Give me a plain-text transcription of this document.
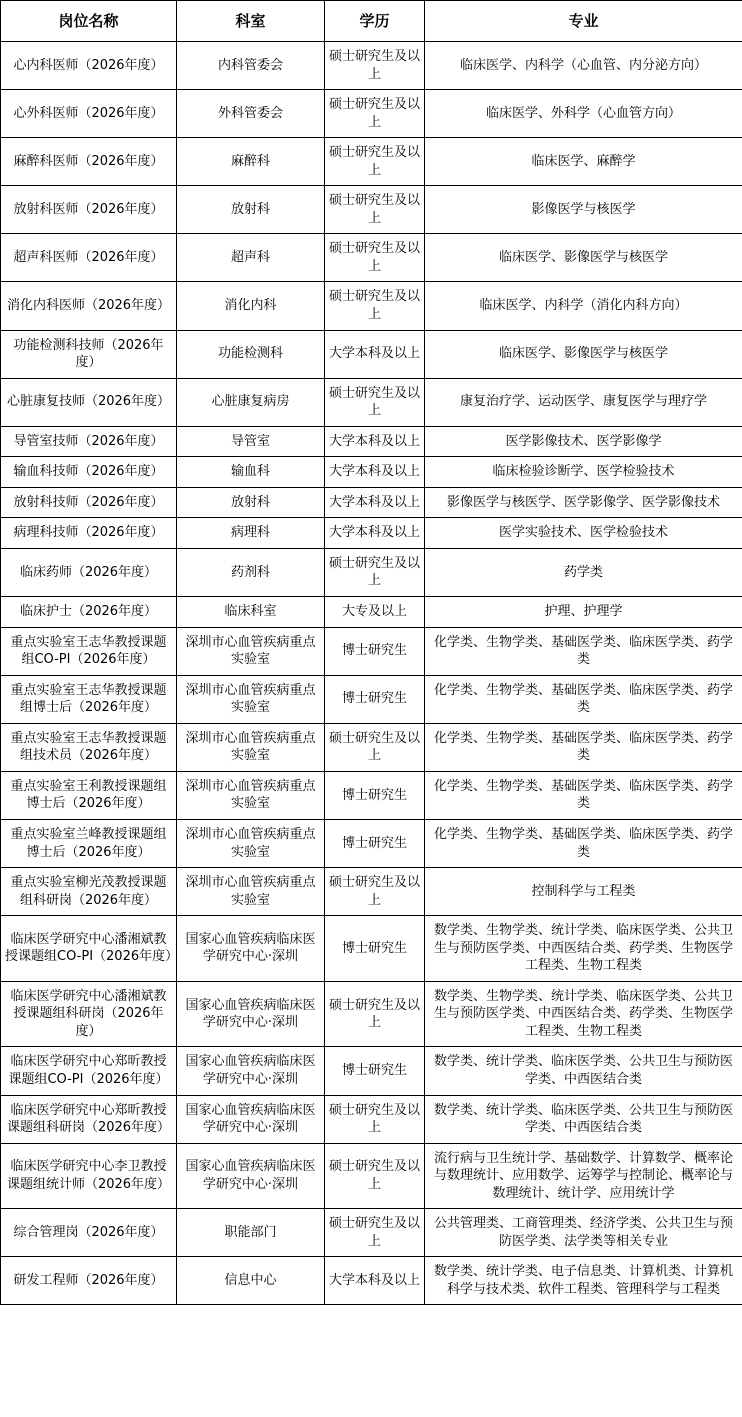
岗位名称	科室	学历	专业
心内科医师（2026年度）	内科管委会	硕士研究生及以上	临床医学、内科学（心血管、内分泌方向）
心外科医师（2026年度）	外科管委会	硕士研究生及以上	临床医学、外科学（心血管方向）
麻醉科医师（2026年度）	麻醉科	硕士研究生及以上	临床医学、麻醉学
放射科医师（2026年度）	放射科	硕士研究生及以上	影像医学与核医学
超声科医师（2026年度）	超声科	硕士研究生及以上	临床医学、影像医学与核医学
消化内科医师（2026年度）	消化内科	硕士研究生及以上	临床医学、内科学（消化内科方向）
功能检测科技师（2026年度）	功能检测科	大学本科及以上	临床医学、影像医学与核医学
心脏康复技师（2026年度）	心脏康复病房	硕士研究生及以上	康复治疗学、运动医学、康复医学与理疗学
导管室技师（2026年度）	导管室	大学本科及以上	医学影像技术、医学影像学
输血科技师（2026年度）	输血科	大学本科及以上	临床检验诊断学、医学检验技术
放射科技师（2026年度）	放射科	大学本科及以上	影像医学与核医学、医学影像学、医学影像技术
病理科技师（2026年度）	病理科	大学本科及以上	医学实验技术、医学检验技术
临床药师（2026年度）	药剂科	硕士研究生及以上	药学类
临床护士（2026年度）	临床科室	大专及以上	护理、护理学
重点实验室王志华教授课题组CO-PI（2026年度）	深圳市心血管疾病重点实验室	博士研究生	化学类、生物学类、基础医学类、临床医学类、药学类
重点实验室王志华教授课题组博士后（2026年度）	深圳市心血管疾病重点实验室	博士研究生	化学类、生物学类、基础医学类、临床医学类、药学类
重点实验室王志华教授课题组技术员（2026年度）	深圳市心血管疾病重点实验室	硕士研究生及以上	化学类、生物学类、基础医学类、临床医学类、药学类
重点实验室王利教授课题组博士后（2026年度）	深圳市心血管疾病重点实验室	博士研究生	化学类、生物学类、基础医学类、临床医学类、药学类
重点实验室兰峰教授课题组博士后（2026年度）	深圳市心血管疾病重点实验室	博士研究生	化学类、生物学类、基础医学类、临床医学类、药学类
重点实验室柳光茂教授课题组科研岗（2026年度）	深圳市心血管疾病重点实验室	硕士研究生及以上	控制科学与工程类
临床医学研究中心潘湘斌教授课题组CO-PI（2026年度）	国家心血管疾病临床医学研究中心·深圳	博士研究生	数学类、生物学类、统计学类、临床医学类、公共卫生与预防医学类、中西医结合类、药学类、生物医学工程类、生物工程类
临床医学研究中心潘湘斌教授课题组科研岗（2026年度）	国家心血管疾病临床医学研究中心·深圳	硕士研究生及以上	数学类、生物学类、统计学类、临床医学类、公共卫生与预防医学类、中西医结合类、药学类、生物医学工程类、生物工程类
临床医学研究中心郑昕教授课题组CO-PI（2026年度）	国家心血管疾病临床医学研究中心·深圳	博士研究生	数学类、统计学类、临床医学类、公共卫生与预防医学类、中西医结合类
临床医学研究中心郑昕教授课题组科研岗（2026年度）	国家心血管疾病临床医学研究中心·深圳	硕士研究生及以上	数学类、统计学类、临床医学类、公共卫生与预防医学类、中西医结合类
临床医学研究中心李卫教授课题组统计师（2026年度）	国家心血管疾病临床医学研究中心·深圳	硕士研究生及以上	流行病与卫生统计学、基础数学、计算数学、概率论与数理统计、应用数学、运筹学与控制论、概率论与数理统计、统计学、应用统计学
综合管理岗（2026年度）	职能部门	硕士研究生及以上	公共管理类、工商管理类、经济学类、公共卫生与预防医学类、法学类等相关专业
研发工程师（2026年度）	信息中心	大学本科及以上	数学类、统计学类、电子信息类、计算机类、计算机科学与技术类、软件工程类、管理科学与工程类
